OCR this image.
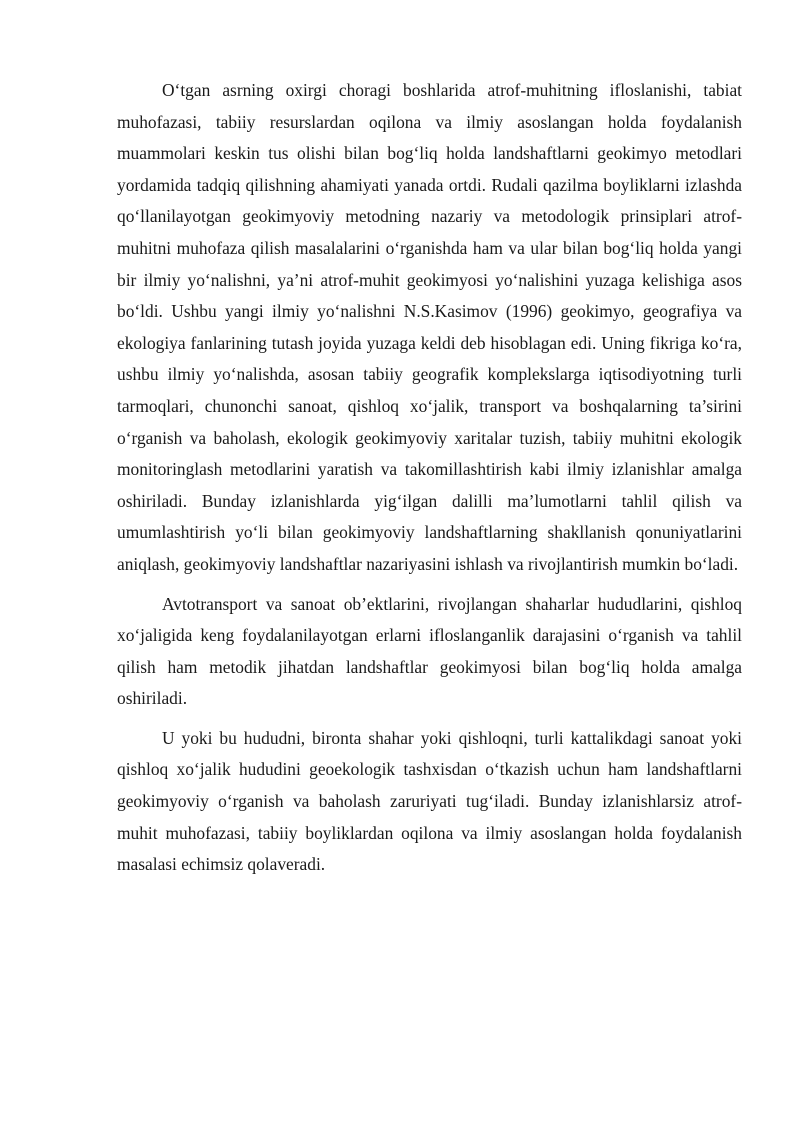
O‘tgan asrning oxirgi choragi boshlarida atrof-muhitning ifloslanishi, tabiat muhofazasi, tabiiy resurslardan oqilona va ilmiy asoslangan holda foydalanish muammolari keskin tus olishi bilan bog‘liq holda landshaftlarni geokimyo metodlari yordamida tadqiq qilishning ahamiyati yanada ortdi. Rudali qazilma boyliklarni izlashda qo‘llanilayotgan geokimyoviy metodning nazariy va metodologik prinsiplari atrof-muhitni muhofaza qilish masalalarini o‘rganishda ham va ular bilan bog‘liq holda yangi bir ilmiy yo‘nalishni, ya’ni atrof-muhit geokimyosi yo‘nalishini yuzaga kelishiga asos bo‘ldi. Ushbu yangi ilmiy yo‘nalishni N.S.Kasimov (1996) geokimyo, geografiya va ekologiya fanlarining tutash joyida yuzaga keldi deb hisoblagan edi. Uning fikriga ko‘ra, ushbu ilmiy yo‘nalishda, asosan tabiiy geografik komplekslarga iqtisodiyotning turli tarmoqlari, chunonchi sanoat, qishloq xo‘jalik, transport va boshqalarning ta’sirini o‘rganish va baholash, ekologik geokimyoviy xaritalar tuzish, tabiiy muhitni ekologik monitoringlash metodlarini yaratish va takomillashtirish kabi ilmiy izlanishlar amalga oshiriladi. Bunday izlanishlarda yig‘ilgan dalilli ma’lumotlarni tahlil qilish va umumlashtirish yo‘li bilan geokimyoviy landshaftlarning shakllanish qonuniyatlarini aniqlash, geokimyoviy landshaftlar nazariyasini ishlash va rivojlantirish mumkin bo‘ladi.

Avtotransport va sanoat ob’ektlarini, rivojlangan shaharlar hududlarini, qishloq xo‘jaligida keng foydalanilayotgan erlarni ifloslanganlik darajasini o‘rganish va tahlil qilish ham metodik jihatdan landshaftlar geokimyosi bilan bog‘liq holda amalga oshiriladi.

U yoki bu hududni, bironta shahar yoki qishloqni, turli kattalikdagi sanoat yoki qishloq xo‘jalik hududini geoekologik tashxisdan o‘tkazish uchun ham landshaftlarni geokimyoviy o‘rganish va baholash zaruriyati tug‘iladi. Bunday izlanishlarsiz atrof-muhit muhofazasi, tabiiy boyliklardan oqilona va ilmiy asoslangan holda foydalanish masalasi echimsiz qolaveradi.
